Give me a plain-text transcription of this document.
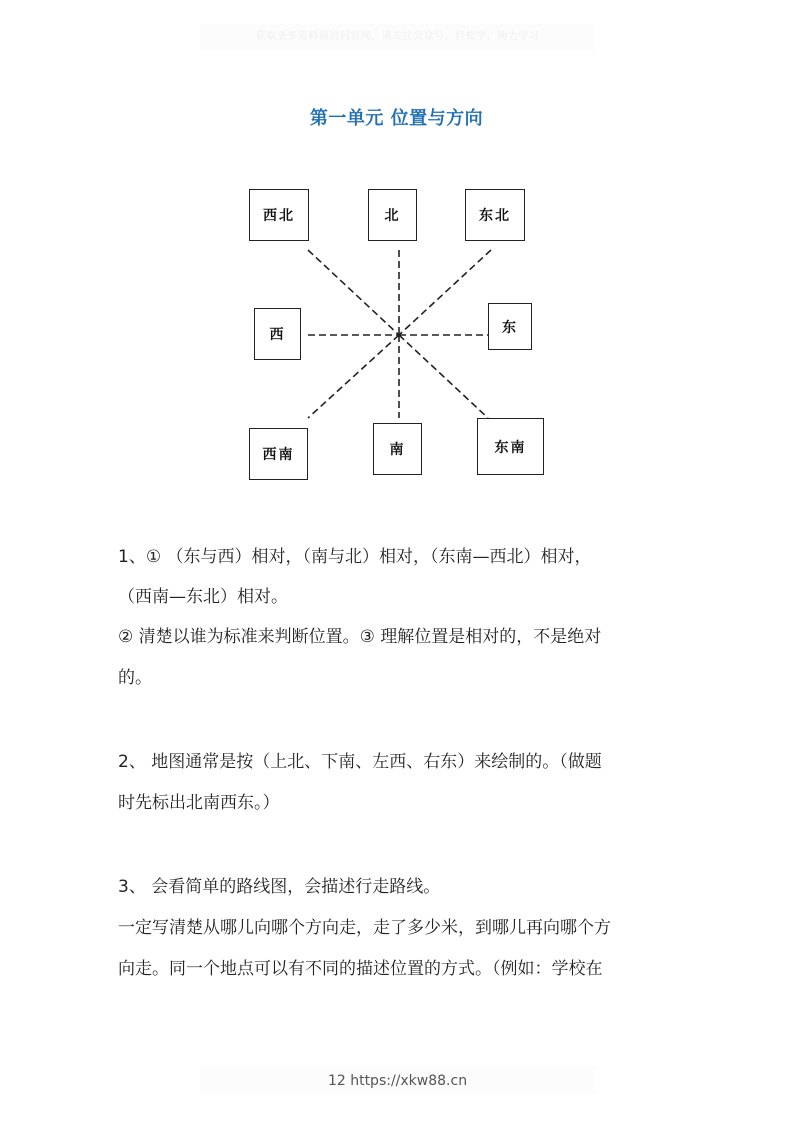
获取更多资料请访问官网，请关注公众号，轻松学，助力学习
第一单元 位置与方向
西北	北	东北
西	东
西南	南	东南
1、① （东与西）相对，（南与北）相对，（东南—西北）相对，
（西南—东北）相对。
② 清楚以谁为标准来判断位置。③ 理解位置是相对的，不是绝对
的。
2、 地图通常是按（上北、下南、左西、右东）来绘制的。（做题
时先标出北南西东。）
3、 会看简单的路线图，会描述行走路线。
一定写清楚从哪儿向哪个方向走，走了多少米，到哪儿再向哪个方
向走。同一个地点可以有不同的描述位置的方式。（例如：学校在
12 https://xkw88.cn
